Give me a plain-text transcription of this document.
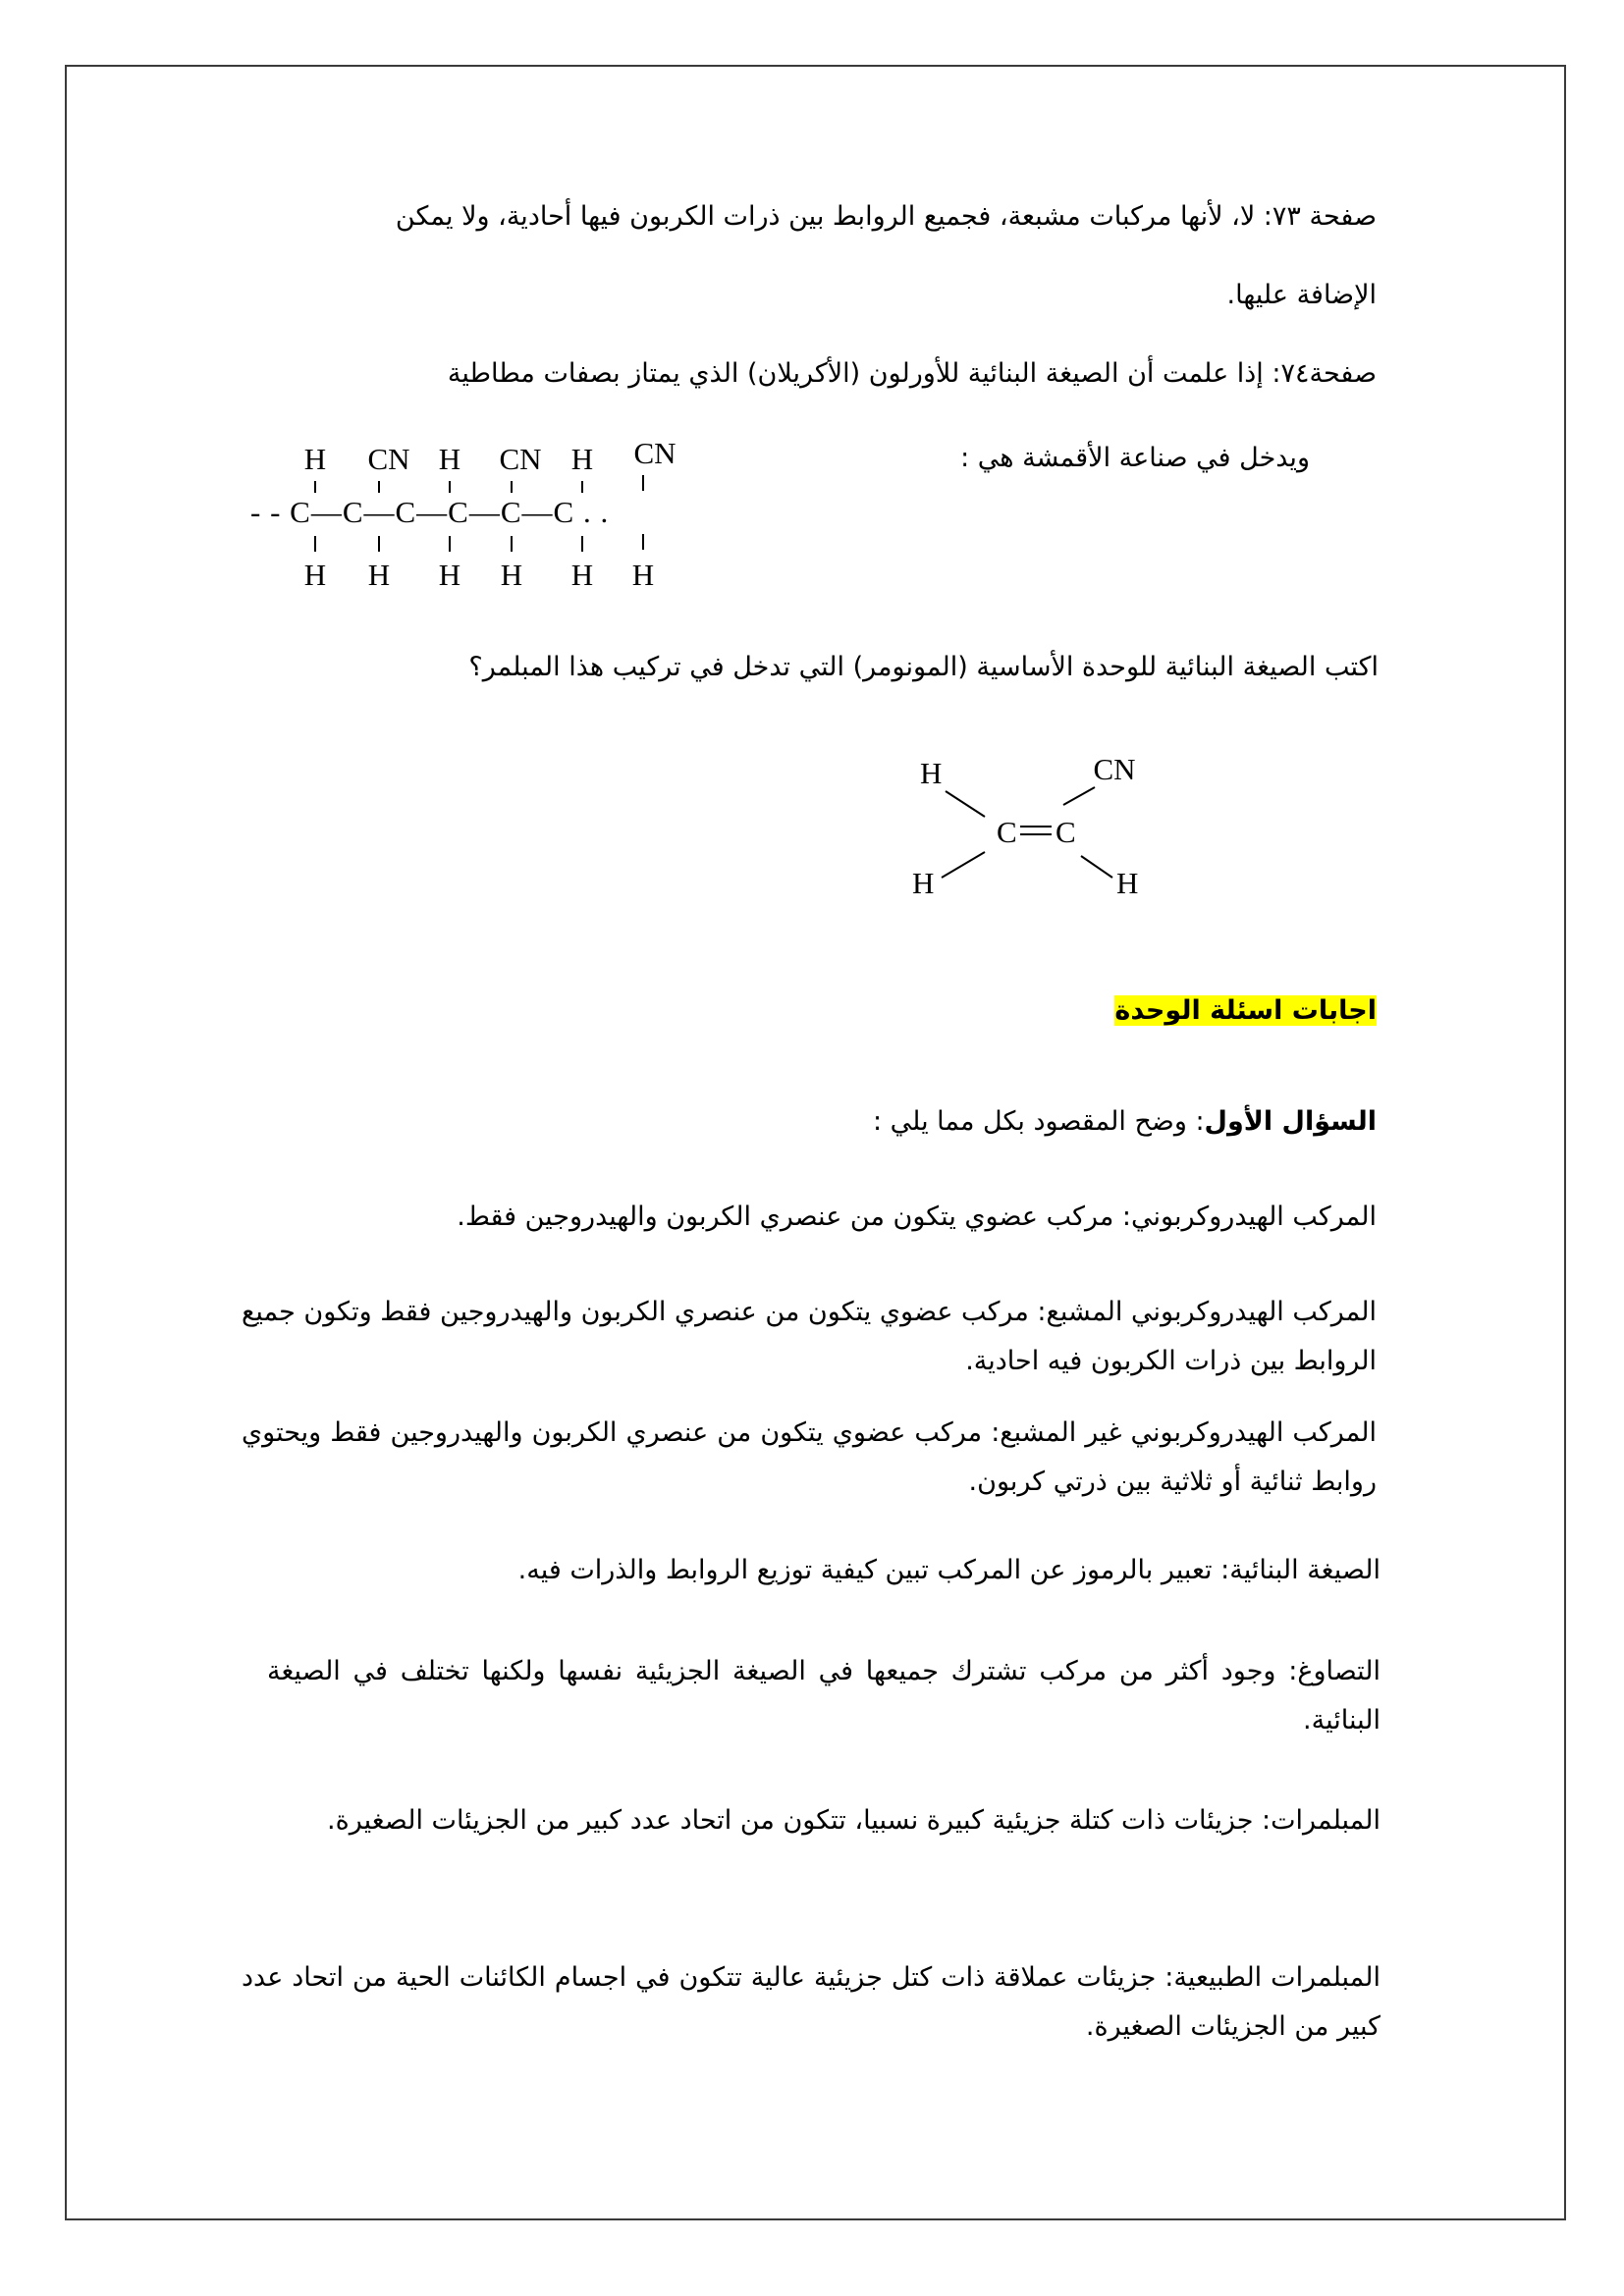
صفحة ٧٣: لا، لأنها مركبات مشبعة، فجميع الروابط بين ذرات الكربون فيها أحادية، ولا يمكن

الإضافة عليها.

صفحة٧٤: إذا علمت أن الصيغة البنائية للأورلون (الأكريلان) الذي يمتاز بصفات مطاطية

ويدخل في صناعة الأقمشة هي :

H CN H CN H CN
- - C—C—C—C—C—C . .
H H H H H H

اكتب الصيغة البنائية للوحدة الأساسية (المونومر) التي تدخل في تركيب هذا المبلمر؟

H	CN
C C
H	H

اجابات اسئلة الوحدة

السؤال الأول: وضح المقصود بكل مما يلي :

المركب الهيدروكربوني: مركب عضوي يتكون من عنصري الكربون والهيدروجين فقط.

المركب الهيدروكربوني المشبع: مركب عضوي يتكون من عنصري الكربون والهيدروجين فقط وتكون جميع الروابط بين ذرات الكربون فيه احادية.

المركب الهيدروكربوني غير المشبع: مركب عضوي يتكون من عنصري الكربون والهيدروجين فقط ويحتوي روابط ثنائية أو ثلاثية بين ذرتي كربون.

الصيغة البنائية: تعبير بالرموز عن المركب تبين كيفية توزيع الروابط والذرات فيه.

التصاوغ: وجود أكثر من مركب تشترك جميعها في الصيغة الجزيئية نفسها ولكنها تختلف في الصيغة البنائية.

المبلمرات: جزيئات ذات كتلة جزيئية كبيرة نسبيا، تتكون من اتحاد عدد كبير من الجزيئات الصغيرة.

المبلمرات الطبيعية: جزيئات عملاقة ذات كتل جزيئية عالية تتكون في اجسام الكائنات الحية من اتحاد عدد كبير من الجزيئات الصغيرة.
